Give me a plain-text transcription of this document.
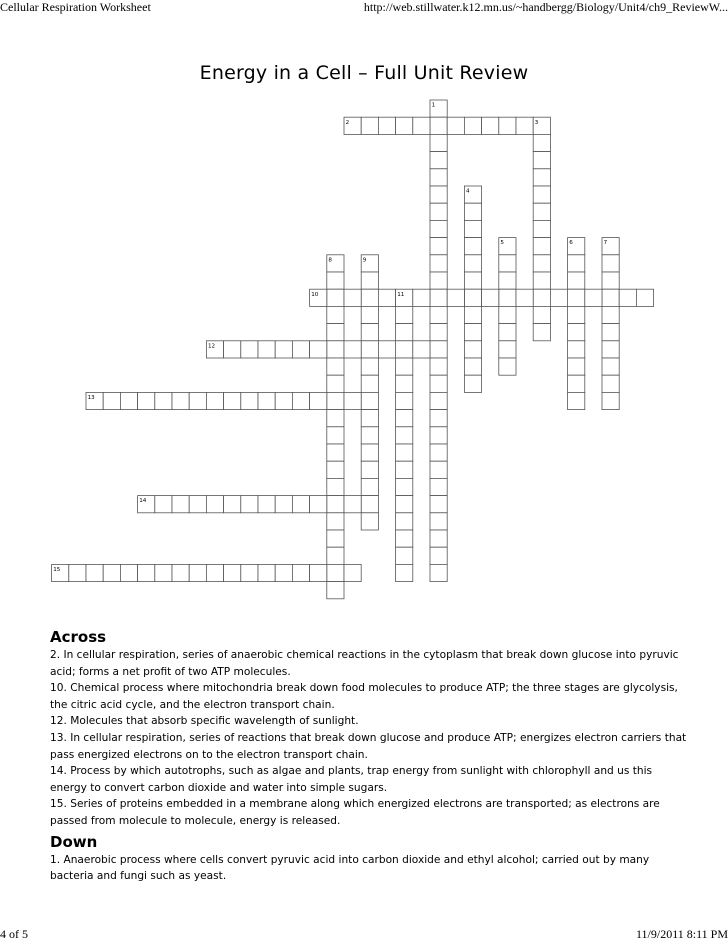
Cellular Respiration Worksheet	http://web.stillwater.k12.mn.us/~handbergg/Biology/Unit4/ch9_ReviewW...
Energy in a Cell – Full Unit Review
1
2	3
4
5	6	7
8	9
10	11
12
13
14
15
Across

2. In cellular respiration, series of anaerobic chemical reactions in the cytoplasm that break down glucose into pyruvic acid; forms a net profit of two ATP molecules.

10. Chemical process where mitochondria break down food molecules to produce ATP; the three stages are glycolysis, the citric acid cycle, and the electron transport chain.

12. Molecules that absorb specific wavelength of sunlight.

13. In cellular respiration, series of reactions that break down glucose and produce ATP; energizes electron carriers that pass energized electrons on to the electron transport chain.

14. Process by which autotrophs, such as algae and plants, trap energy from sunlight with chlorophyll and us this energy to convert carbon dioxide and water into simple sugars.

15. Series of proteins embedded in a membrane along which energized electrons are transported; as electrons are passed from molecule to molecule, energy is released.

Down

1. Anaerobic process where cells convert pyruvic acid into carbon dioxide and ethyl alcohol; carried out by many bacteria and fungi such as yeast.

4 of 5	11/9/2011 8:11 PM
